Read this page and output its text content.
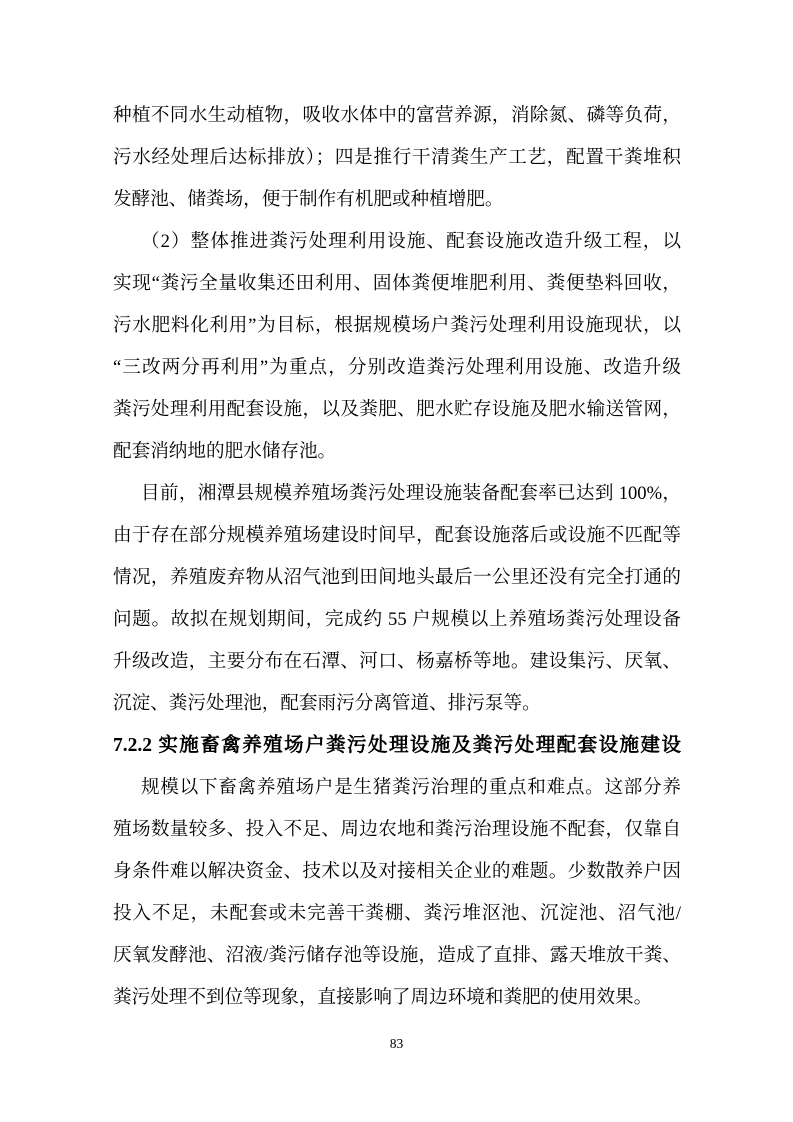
种植不同水生动植物，吸收水体中的富营养源，消除氮、磷等负荷，
污水经处理后达标排放）；四是推行干清粪生产工艺，配置干粪堆积
发酵池、储粪场，便于制作有机肥或种植增肥。
（2）整体推进粪污处理利用设施、配套设施改造升级工程，以
实现“粪污全量收集还田利用、固体粪便堆肥利用、粪便垫料回收，
污水肥料化利用”为目标，根据规模场户粪污处理利用设施现状，以
“三改两分再利用”为重点，分别改造粪污处理利用设施、改造升级
粪污处理利用配套设施，以及粪肥、肥水贮存设施及肥水输送管网，
配套消纳地的肥水储存池。
目前，湘潭县规模养殖场粪污处理设施装备配套率已达到 100%，
由于存在部分规模养殖场建设时间早，配套设施落后或设施不匹配等
情况，养殖废弃物从沼气池到田间地头最后一公里还没有完全打通的
问题。故拟在规划期间，完成约 55 户规模以上养殖场粪污处理设备
升级改造，主要分布在石潭、河口、杨嘉桥等地。建设集污、厌氧、
沉淀、粪污处理池，配套雨污分离管道、排污泵等。
7.2.2 实施畜禽养殖场户粪污处理设施及粪污处理配套设施建设
规模以下畜禽养殖场户是生猪粪污治理的重点和难点。这部分养
殖场数量较多、投入不足、周边农地和粪污治理设施不配套，仅靠自
身条件难以解决资金、技术以及对接相关企业的难题。少数散养户因
投入不足，未配套或未完善干粪棚、粪污堆沤池、沉淀池、沼气池/
厌氧发酵池、沼液/粪污储存池等设施，造成了直排、露天堆放干粪、
粪污处理不到位等现象，直接影响了周边环境和粪肥的使用效果。
83
